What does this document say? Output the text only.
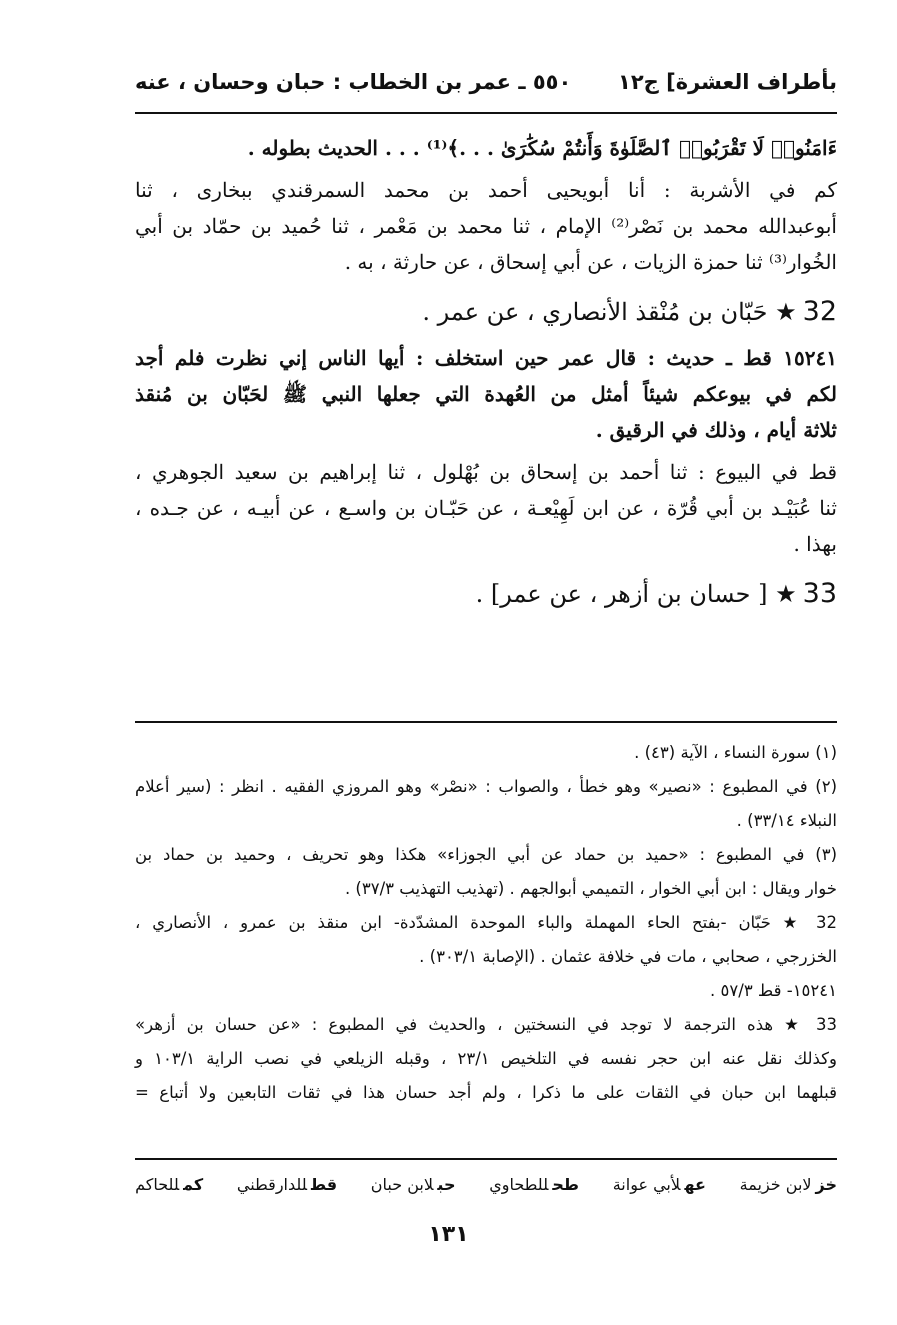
بأطراف العشرة] ج١٢
٥٥٠ ـ عمر بن الخطاب : حبان وحسان ، عنه
ءَامَنُوا۟ لَا تَقْرَبُوا۟ ٱلصَّلَوٰةَ وَأَنتُمْ سُكَٰرَىٰ . . .﴾⁽¹⁾ . . . الحديث بطوله .
كم في الأشربة : أنا أبويحيى أحمد بن محمد السمرقندي ببخارى ، ثنا
أبوعبدالله محمد بن نَصْر⁽²⁾ الإمام ، ثنا محمد بن مَعْمر ، ثنا حُميد بن حمّاد بن أبي
الخُوار⁽³⁾ ثنا حمزة الزيات ، عن أبي إسحاق ، عن حارثة ، به .
32★ حَبّان بن مُنْقذ الأنصاري ، عن عمر .
١٥٢٤١ قط ـ حديث : قال عمر حين استخلف : أيها الناس إني نظرت فلم أجد
لكم في بيوعكم شيئاً أمثل من العُهدة التي جعلها النبي ﷺ لحَبّان بن مُنقذ
ثلاثة أيام ، وذلك في الرقيق .
قط في البيوع : ثنا أحمد بن إسحاق بن بُهْلول ، ثنا إبراهيم بن سعيد الجوهري ،
ثنا عُبَيْـد بن أبي قُرّة ، عن ابن لَهِيْعـة ، عن حَبّـان بن واسـع ، عن أبيـه ، عن جـده ،
بهذا .
33★ [ حسان بن أزهر ، عن عمر] .
(١) سورة النساء ، الآية (٤٣) .
(٢) في المطبوع : «نصير» وهو خطأ ، والصواب : «نصْر» وهو المروزي الفقيه . انظر : (سير أعلام
النبلاء ٣٣/١٤) .
(٣) في المطبوع : «حميد بن حماد عن أبي الجوزاء» هكذا وهو تحريف ، وحميد بن حماد بن
خوار ويقال : ابن أبي الخوار ، التميمي أبوالجهم . (تهذيب التهذيب ٣٧/٣) .
32 ★ حَبّان -بفتح الحاء المهملة والباء الموحدة المشدّدة- ابن منقذ بن عمرو ، الأنصاري ،
الخزرجي ، صحابي ، مات في خلافة عثمان . (الإصابة ٣٠٣/١) .
١٥٢٤١- قط ٥٧/٣ .
33 ★ هذه الترجمة لا توجد في النسختين ، والحديث في المطبوع : «عن حسان بن أزهر»
وكذلك نقل عنه ابن حجر نفسه في التلخيص ٢٣/١ ، وقبله الزيلعي في نصب الراية ١٠٣/١ و
قبلهما ابن حبان في الثقات على ما ذكرا ، ولم أجد حسان هذا في ثقات التابعين ولا أتباع =
خزلابن خزيمة
عهلأبي عوانة
طحللطحاوي
حبلابن حبان
قطللدارقطني
كمللحاكم
١٣١
